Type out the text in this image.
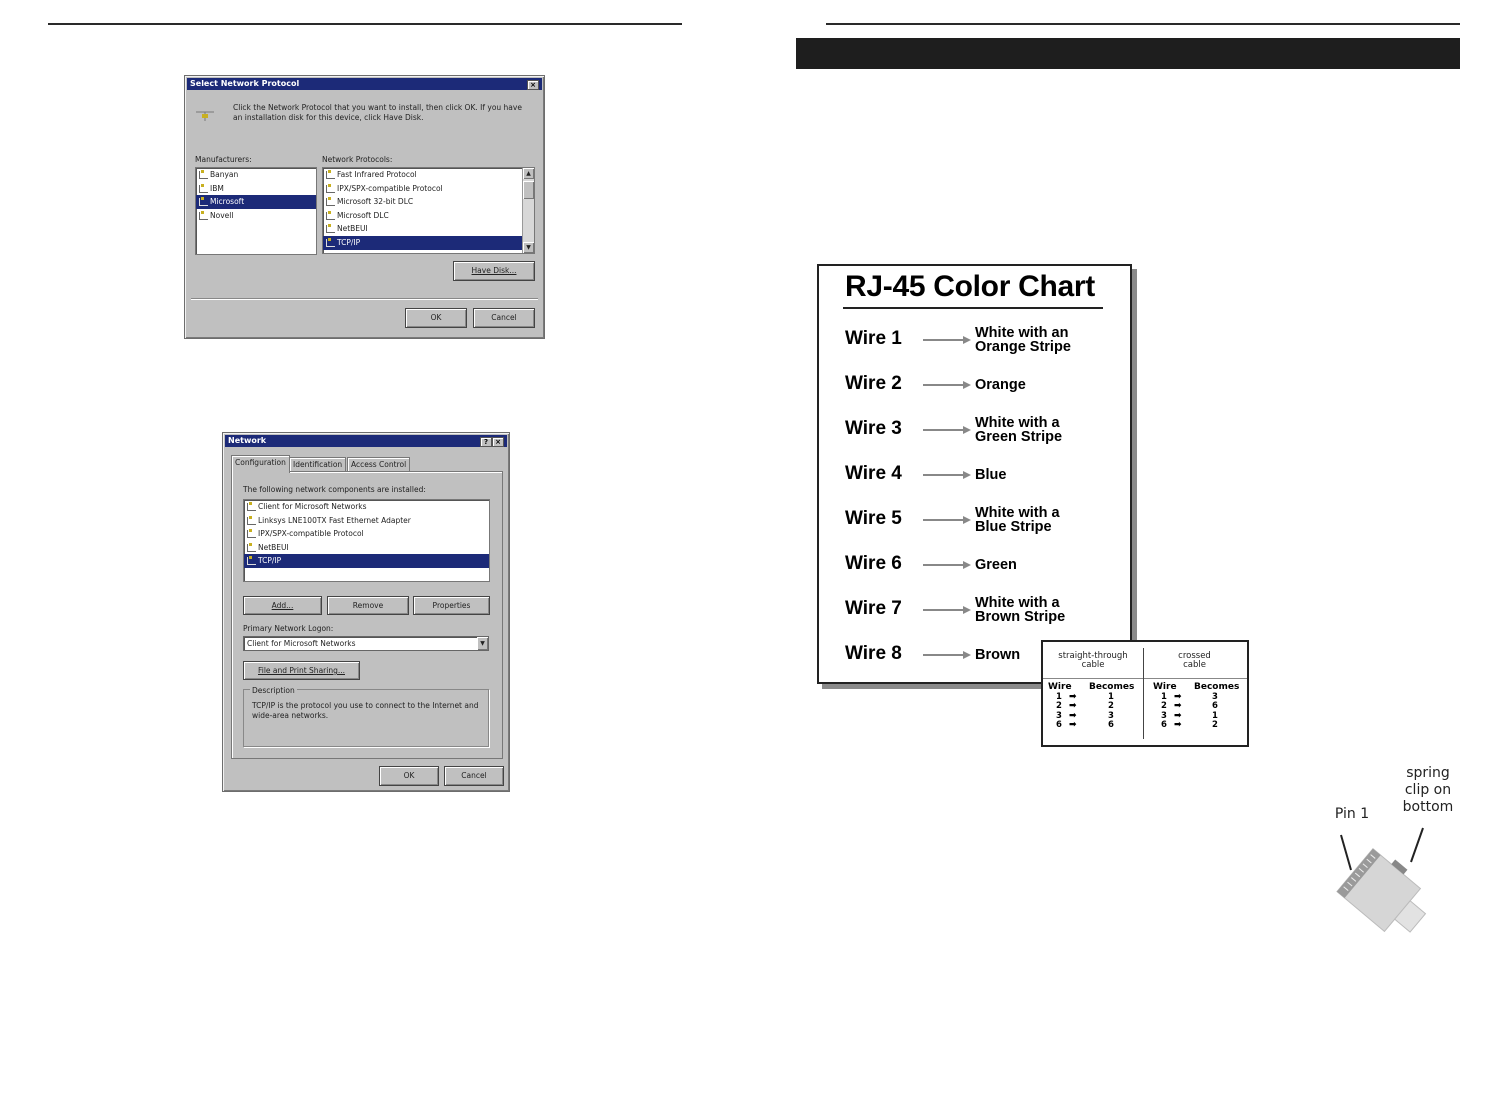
Select Network Protocol	×
Click the Network Protocol that you want to install, then click OK. If you have
an installation disk for this device, click Have Disk.
Manufacturers:	Network Protocols:
Banyan
IBM
Microsoft
Novell
Fast Infrared Protocol
IPX/SPX-compatible Protocol
Microsoft 32-bit DLC
Microsoft DLC
NetBEUI
TCP/IP
▲
▼
Have Disk...
OK	Cancel
Network	?	×
Configuration Identification	Access Control
The following network components are installed:
Client for Microsoft Networks
Linksys LNE100TX Fast Ethernet Adapter
IPX/SPX-compatible Protocol
NetBEUI
TCP/IP
Add...	Remove	Properties
Primary Network Logon:
Client for Microsoft Networks	▼
File and Print Sharing...
Description
TCP/IP is the protocol you use to connect to the Internet and
wide-area networks.
OK	Cancel
RJ-45 Color Chart
Wire 1	White with an
Orange Stripe
Wire 2	Orange
Wire 3	White with a
Green Stripe
Wire 4	Blue
Wire 5	White with a
Blue Stripe
Wire 6	Green
Wire 7	White with a
Brown Stripe
Wire 8	Brown	straight-through
cable
crossed
cable
Wire Becomes Wire Becomes
1 ➡	1
2 ➡	2
3 ➡	3
6 ➡	6
1 ➡	3
2 ➡	6
3 ➡	1
6 ➡	2
spring
clip on
bottom
Pin 1
